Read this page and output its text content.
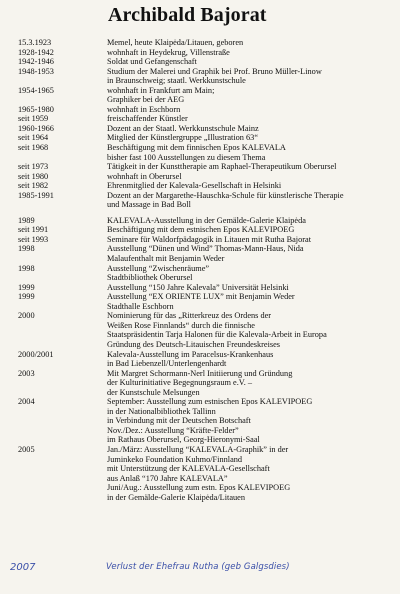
Archibald Bajorat
15.3.1923	Memel, heute Klaipėda/Litauen, geboren
1928-1942	wohnhaft in Heydekrug, Villenstraße
1942-1946	Soldat und Gefangenschaft
1948-1953	Studium der Malerei und Graphik bei Prof. Bruno Müller-Linow
in Braunschweig; staatl. Werkkunstschule
1954-1965	wohnhaft in Frankfurt am Main;
Graphiker bei der AEG
1965-1980	wohnhaft in Eschborn
seit 1959	freischaffender Künstler
1960-1966	Dozent an der Staatl. Werkkunstschule Mainz
seit 1964	Mitglied der Künstlergruppe „Illustration 63“
seit 1968	Beschäftigung mit dem finnischen Epos KALEVALA
bisher fast 100 Ausstellungen zu diesem Thema
seit 1973	Tätigkeit in der Kunsttherapie am Raphael-Therapeutikum Oberursel
seit 1980	wohnhaft in Oberursel
seit 1982	Ehrenmitglied der Kalevala-Gesellschaft in Helsinki
1985-1991	Dozent an der Margarethe-Hauschka-Schule für künstlerische Therapie
und Massage in Bad Boll
1989	KALEVALA-Ausstellung in der Gemälde-Galerie Klaipėda
seit 1991	Beschäftigung mit dem estnischen Epos KALEVIPOEG
seit 1993	Seminare für Waldorfpädagogik in Litauen mit Rutha Bajorat
1998	Ausstellung “Dünen und Wind” Thomas-Mann-Haus, Nida
Malaufenthalt mit Benjamin Weder
1998	Ausstellung “Zwischenräume”
Stadtbibliothek Oberursel
1999	Ausstellung “150 Jahre Kalevala” Universität Helsinki
1999	Ausstellung “EX ORIENTE LUX” mit Benjamin Weder
Stadthalle Eschborn
2000	Nominierung für das „Ritterkreuz des Ordens der
Weißen Rose Finnlands“ durch die finnische
Staatspräsidentin Tarja Halonen für die Kalevala-Arbeit in Europa
Gründung des Deutsch-Litauischen Freundeskreises
2000/2001	Kalevala-Ausstellung im Paracelsus-Krankenhaus
in Bad Liebenzell/Unterlengenhardt
2003	Mit Margret Schormann-Nerl Initiierung und Gründung
der Kulturinitiative Begegnungsraum e.V. –
der Kunstschule Melsungen
2004	September: Ausstellung zum estnischen Epos KALEVIPOEG
in der Nationalbibliothek Tallinn
in Verbindung mit der Deutschen Botschaft
Nov./Dez.: Ausstellung “Kräfte-Felder”
im Rathaus Oberursel, Georg-Hieronymi-Saal
2005	Jan./März: Ausstellung “KALEVALA-Graphik” in der
Juminkeko Foundation Kuhmo/Finnland
mit Unterstützung der KALEVALA-Gesellschaft
aus Anlaß “170 Jahre KALEVALA”
Juni/Aug.: Ausstellung zum estn. Epos KALEVIPOEG
in der Gemälde-Galerie Klaipėda/Litauen
2007	Verlust der Ehefrau Rutha (geb Galgsdies)
